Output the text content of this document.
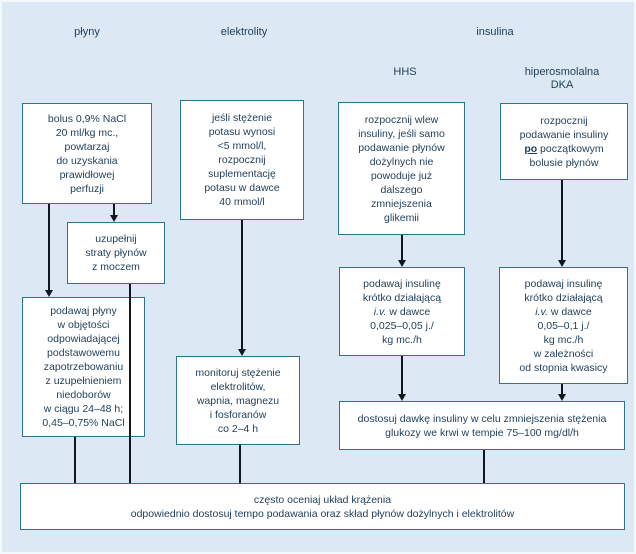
płyny	elektrolity	insulina
HHS	hiperosmolalna
DKA
bolus 0,9% NaCl
20 ml/kg mc.,
powtarzaj
do uzyskania
prawidłowej
perfuzji
uzupełnij
straty płynów
z moczem
podawaj płyny
w objętości
odpowiadającej
podstawowemu
zapotrzebowaniu
z uzupełnieniem
niedoborów
w ciągu 24–48 h;
0,45–0,75% NaCl
jeśli stężenie
potasu wynosi
<5 mmol/l,
rozpocznij
suplementację
potasu w dawce
40 mmol/l
monitoruj stężenie
elektrolitów,
wapnia, magnezu
i fosforanów
co 2–4 h
rozpocznij wlew
insuliny, jeśli samo
podawanie płynów
dożylnych nie
powoduje już
dalszego
zmniejszenia
glikemii
rozpocznij
podawanie insuliny
po początkowym
bolusie płynów
podawaj insulinę
krótko działającą
i.v. w dawce
0,025–0,05 j./
kg mc./h
podawaj insulinę
krótko działającą
i.v. w dawce
0,05–0,1 j./
kg mc./h
w zależności
od stopnia kwasicy
dostosuj dawkę insuliny w celu zmniejszenia stężenia
glukozy we krwi w tempie 75–100 mg/dl/h
często oceniaj układ krążenia
odpowiednio dostosuj tempo podawania oraz skład płynów dożylnych i elektrolitów
